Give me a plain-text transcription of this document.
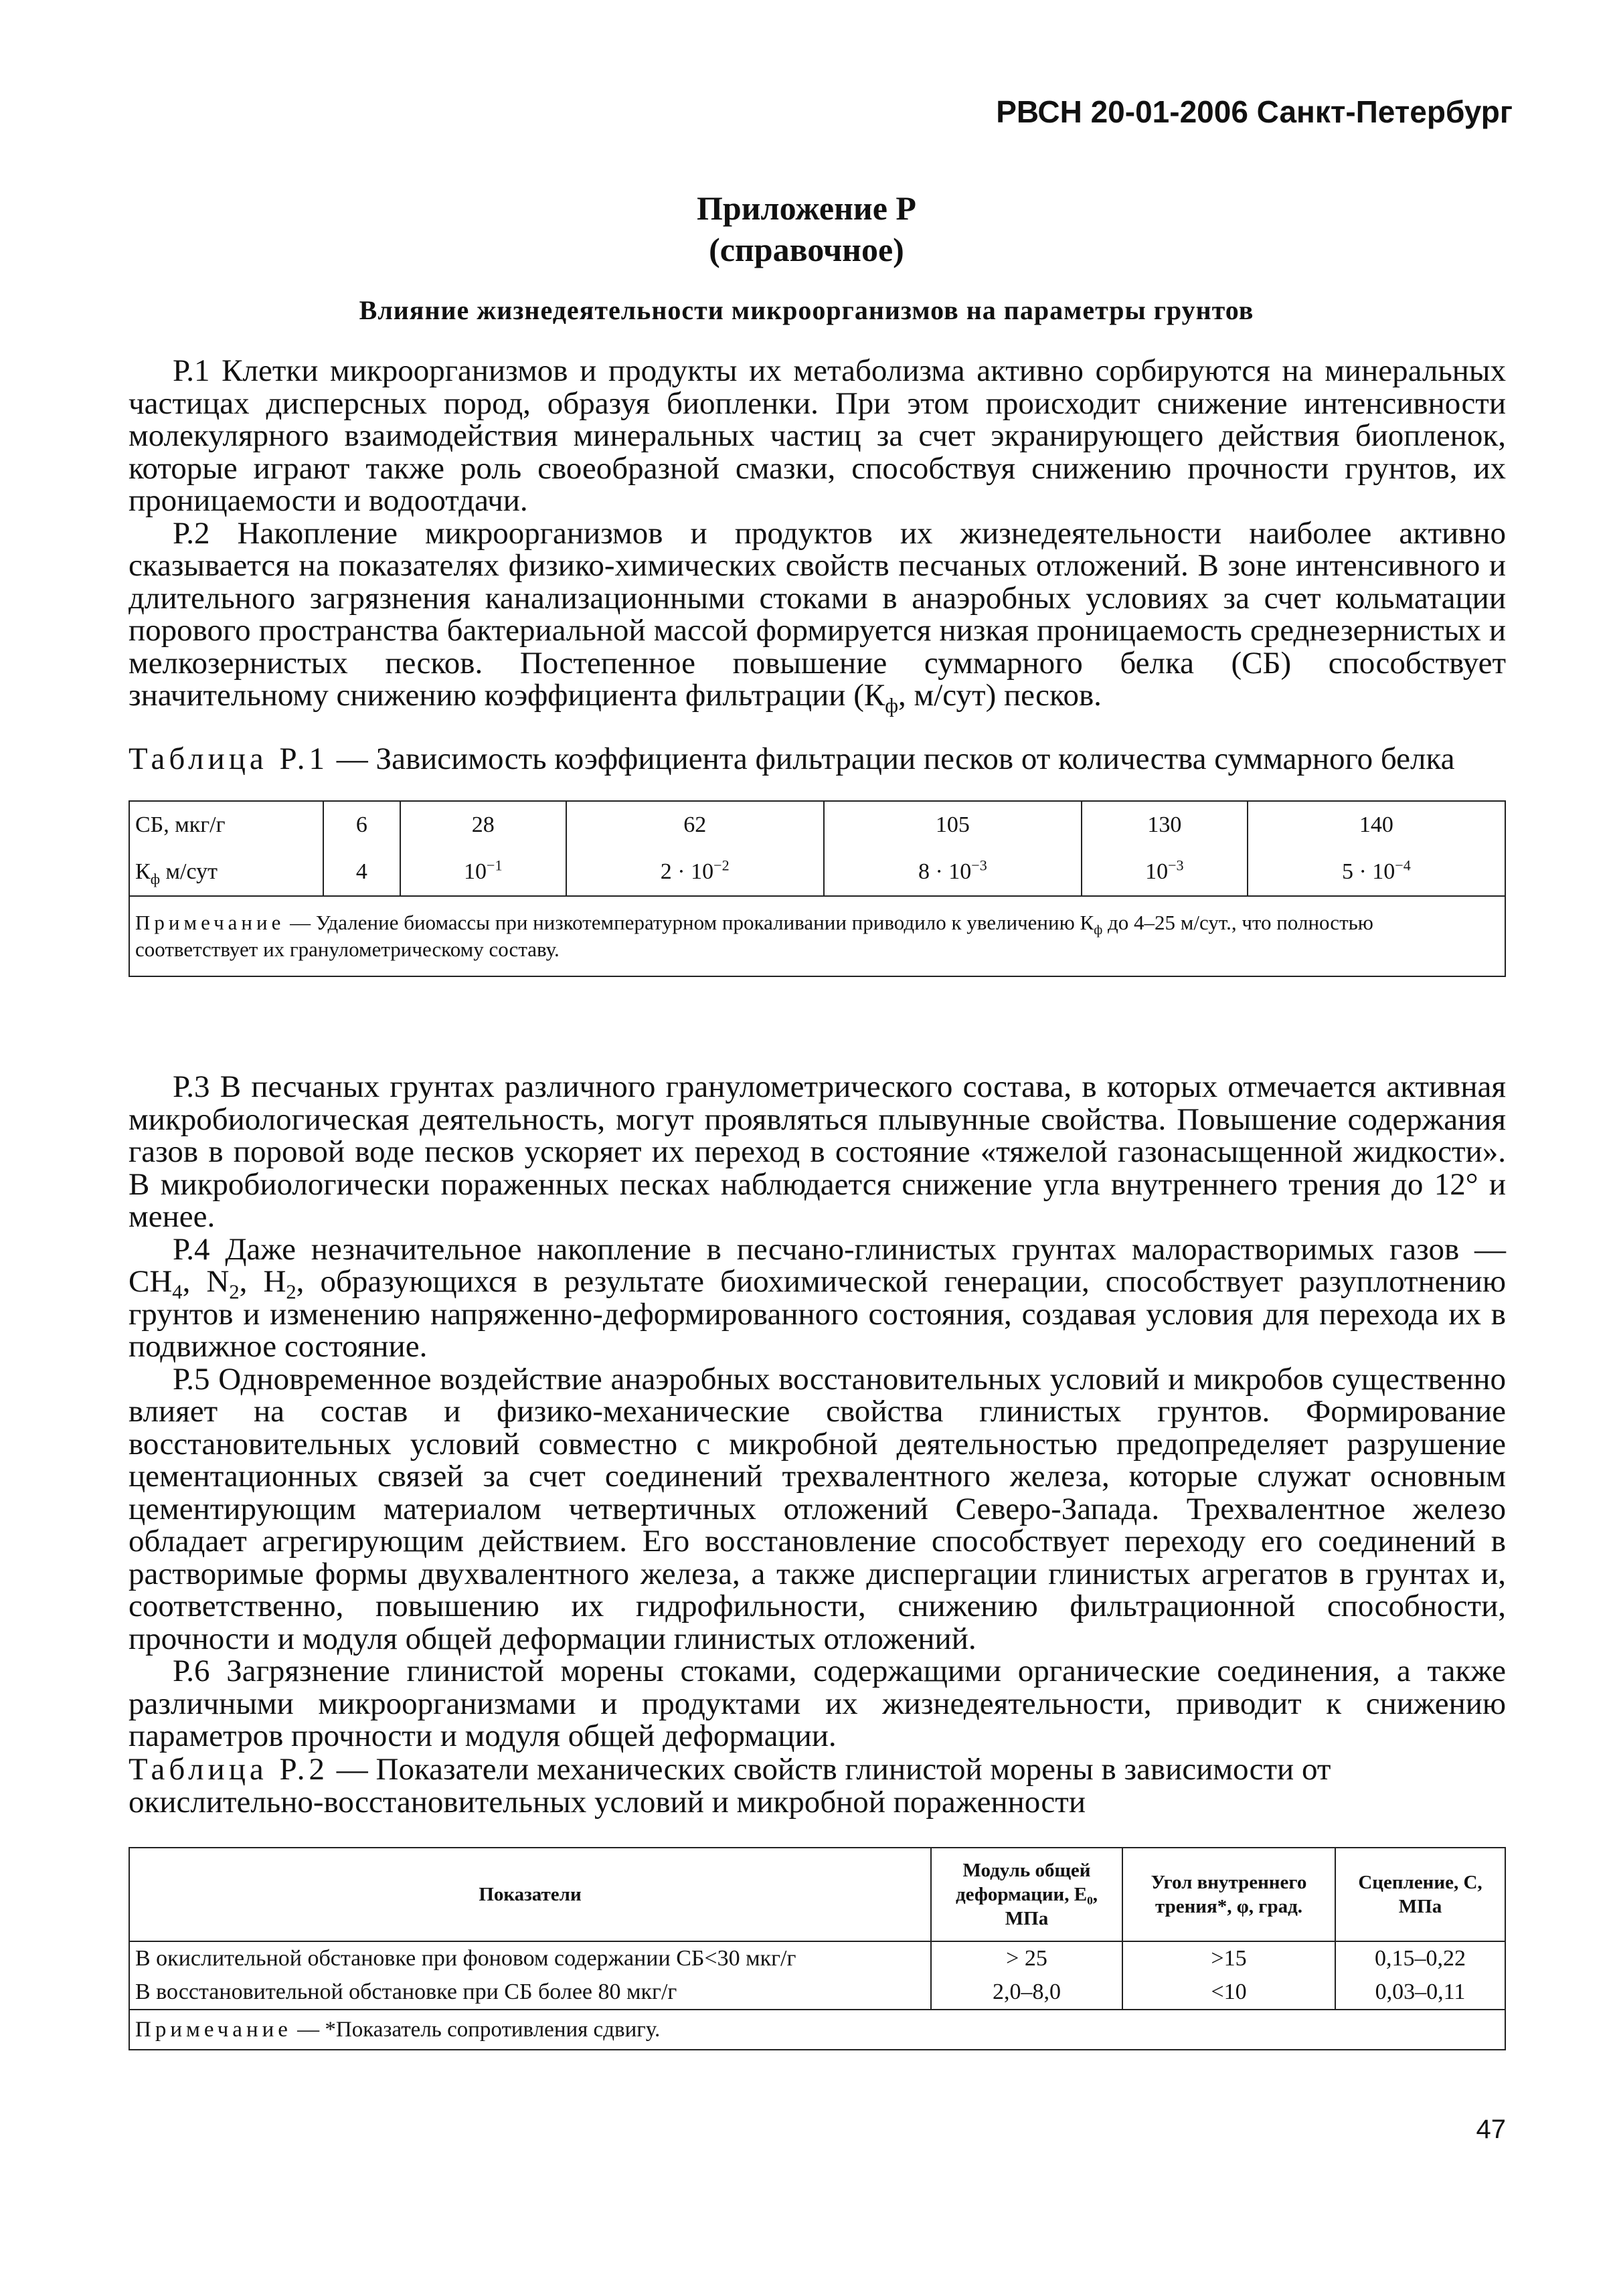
РВСН 20-01-2006 Санкт-Петербург
Приложение Р
(справочное)
Влияние жизнедеятельности микроорганизмов на параметры грунтов

Р.1 Клетки микроорганизмов и продукты их метаболизма активно сорбируются на минеральных частицах дисперсных пород, образуя биопленки. При этом происходит снижение интенсивности молекулярного взаимодействия минеральных частиц за счет экранирующего действия биопленок, которые играют также роль своеобразной смазки, способствуя снижению прочности грунтов, их проницаемости и водоотдачи.

Р.2 Накопление микроорганизмов и продуктов их жизнедеятельности наиболее активно сказывается на показателях физико-химических свойств песчаных отложений. В зоне интенсивного и длительного загрязнения канализационными стоками в анаэробных условиях за счет кольматации порового пространства бактериальной массой формируется низкая проницаемость среднезернистых и мелкозернистых песков. Постепенное повышение суммарного белка (СБ) способствует значительному снижению коэффициента фильтрации ($К_ф$, м/сут) песков.

Таблица Р.1 — Зависимость коэффициента фильтрации песков от количества суммарного белка
СБ, мкг/г	6	28	62	105	130	140
$К_ф$ м/сут	4	$10^{-1}$	$2 \cdot 10^{-2}$	$8 \cdot 10^{-3}$	$10^{-3}$	$5 \cdot 10^{-4}$
Примечание — Удаление биомассы при низкотемпературном прокаливании приводило к увеличению $К_ф$ до 4–25 м/сут., что полностью соответствует их гранулометрическому составу.						

Р.3 В песчаных грунтах различного гранулометрического состава, в которых отмечается активная микробиологическая деятельность, могут проявляться плывунные свойства. Повышение содержания газов в поровой воде песков ускоряет их переход в состояние «тяжелой газонасыщенной жидкости». В микробиологически пораженных песках наблюдается снижение угла внутреннего трения до 12° и менее.

Р.4 Даже незначительное накопление в песчано-глинистых грунтах малорастворимых газов — $CH_4$, $N_2$, $H_2$, образующихся в результате биохимической генерации, способствует разуплотнению грунтов и изменению напряженно-деформированного состояния, создавая условия для перехода их в подвижное состояние.

Р.5 Одновременное воздействие анаэробных восстановительных условий и микробов существенно влияет на состав и физико-механические свойства глинистых грунтов. Формирование восстановительных условий совместно с микробной деятельностью предопределяет разрушение цементационных связей за счет соединений трехвалентного железа, которые служат основным цементирующим материалом четвертичных отложений Северо-Запада. Трехвалентное железо обладает агрегирующим действием. Его восстановление способствует переходу его соединений в растворимые формы двухвалентного железа, а также диспергации глинистых агрегатов в грунтах и, соответственно, повышению их гидрофильности, снижению фильтрационной способности, прочности и модуля общей деформации глинистых отложений.

Р.6 Загрязнение глинистой морены стоками, содержащими органические соединения, а также различными микроорганизмами и продуктами их жизнедеятельности, приводит к снижению параметров прочности и модуля общей деформации.

Таблица Р.2 — Показатели механических свойств глинистой морены в зависимости от окислительно-восстановительных условий и микробной пораженности
Показатели	Модуль общей деформации, E₀, МПа	Угол внутреннего трения*, φ, град.	Сцепление, C, МПа
В окислительной обстановке при фоновом содержании СБ<30 мкг/г	> 25	>15	0,15–0,22
В восстановительной обстановке при СБ более 80 мкг/г	2,0–8,0	<10	0,03–0,11
Примечание — *Показатель сопротивления сдвигу.			
47
